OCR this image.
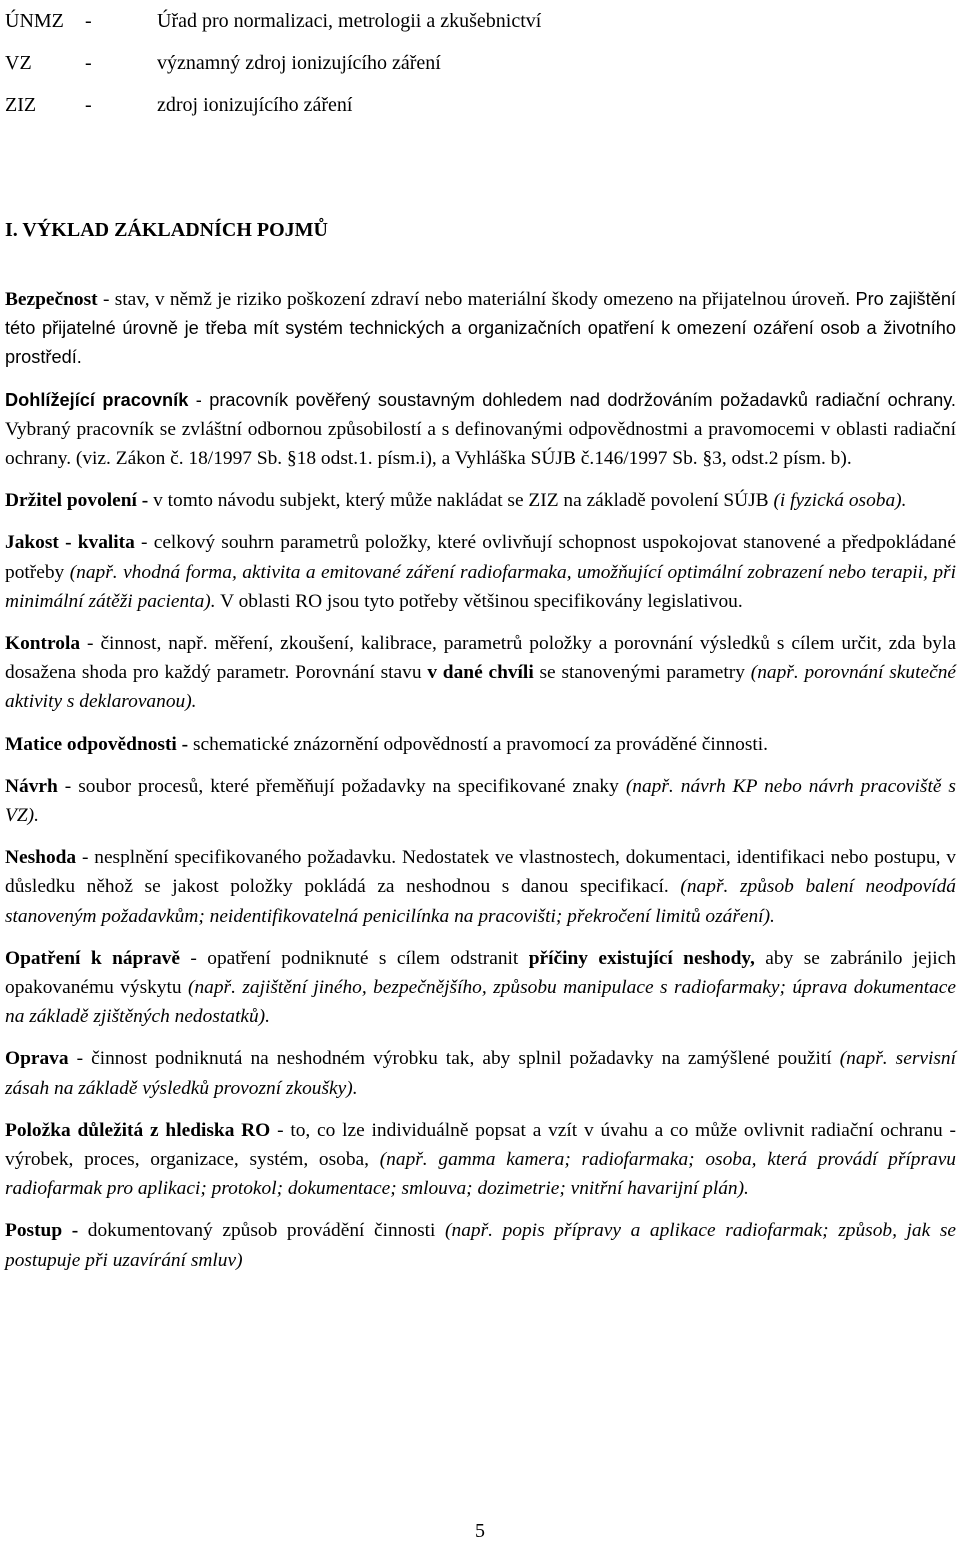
ÚNMZ -	Úřad pro normalizaci, metrologii a zkušebnictví
VZ	-	významný zdroj ionizujícího záření
ZIZ -	zdroj ionizujícího záření
I. VÝKLAD ZÁKLADNÍCH POJMŮ

Bezpečnost - stav, v němž je riziko poškození zdraví nebo materiální škody omezeno na přijatelnou úroveň. Pro zajištění této přijatelné úrovně je třeba mít systém technických a organizačních opatření k omezení ozáření osob a životního prostředí.

Dohlížející pracovník - pracovník pověřený soustavným dohledem nad dodržováním požadavků radiační ochrany. Vybraný pracovník se zvláštní odbornou způsobilostí a s definovanými odpovědnostmi a pravomocemi v oblasti radiační ochrany. (viz. Zákon č. 18/1997 Sb. §18 odst.1. písm.i), a Vyhláška SÚJB č.146/1997 Sb. §3, odst.2 písm. b).

Držitel povolení - v tomto návodu subjekt, který může nakládat se ZIZ na základě povolení SÚJB (i fyzická osoba).

Jakost - kvalita - celkový souhrn parametrů položky, které ovlivňují schopnost uspokojovat stanovené a předpokládané potřeby (např. vhodná forma, aktivita a emitované záření radiofarmaka, umožňující optimální zobrazení nebo terapii, při minimální zátěži pacienta). V oblasti RO jsou tyto potřeby většinou specifikovány legislativou.

Kontrola - činnost, např. měření, zkoušení, kalibrace, parametrů položky a porovnání výsledků s cílem určit, zda byla dosažena shoda pro každý parametr. Porovnání stavu v dané chvíli se stanovenými parametry (např. porovnání skutečné aktivity s deklarovanou).

Matice odpovědnosti - schematické znázornění odpovědností a pravomocí za prováděné činnosti.

Návrh - soubor procesů, které přeměňují požadavky na specifikované znaky (např. návrh KP nebo návrh pracoviště s VZ).

Neshoda - nesplnění specifikovaného požadavku. Nedostatek ve vlastnostech, dokumentaci, identifikaci nebo postupu, v důsledku něhož se jakost položky pokládá za neshodnou s danou specifikací. (např. způsob balení neodpovídá stanoveným požadavkům; neidentifikovatelná penicilínka na pracovišti; překročení limitů ozáření).

Opatření k nápravě - opatření podniknuté s cílem odstranit příčiny existující neshody, aby se zabránilo jejich opakovanému výskytu (např. zajištění jiného, bezpečnějšího, způsobu manipulace s radiofarmaky; úprava dokumentace na základě zjištěných nedostatků).

Oprava - činnost podniknutá na neshodném výrobku tak, aby splnil požadavky na zamýšlené použití (např. servisní zásah na základě výsledků provozní zkoušky).

Položka důležitá z hlediska RO - to, co lze individuálně popsat a vzít v úvahu a co může ovlivnit radiační ochranu - výrobek, proces, organizace, systém, osoba, (např. gamma kamera; radiofarmaka; osoba, která provádí přípravu radiofarmak pro aplikaci; protokol; dokumentace; smlouva; dozimetrie; vnitřní havarijní plán).

Postup - dokumentovaný způsob provádění činnosti (např. popis přípravy a aplikace radiofarmak; způsob, jak se postupuje při uzavírání smluv)

5
